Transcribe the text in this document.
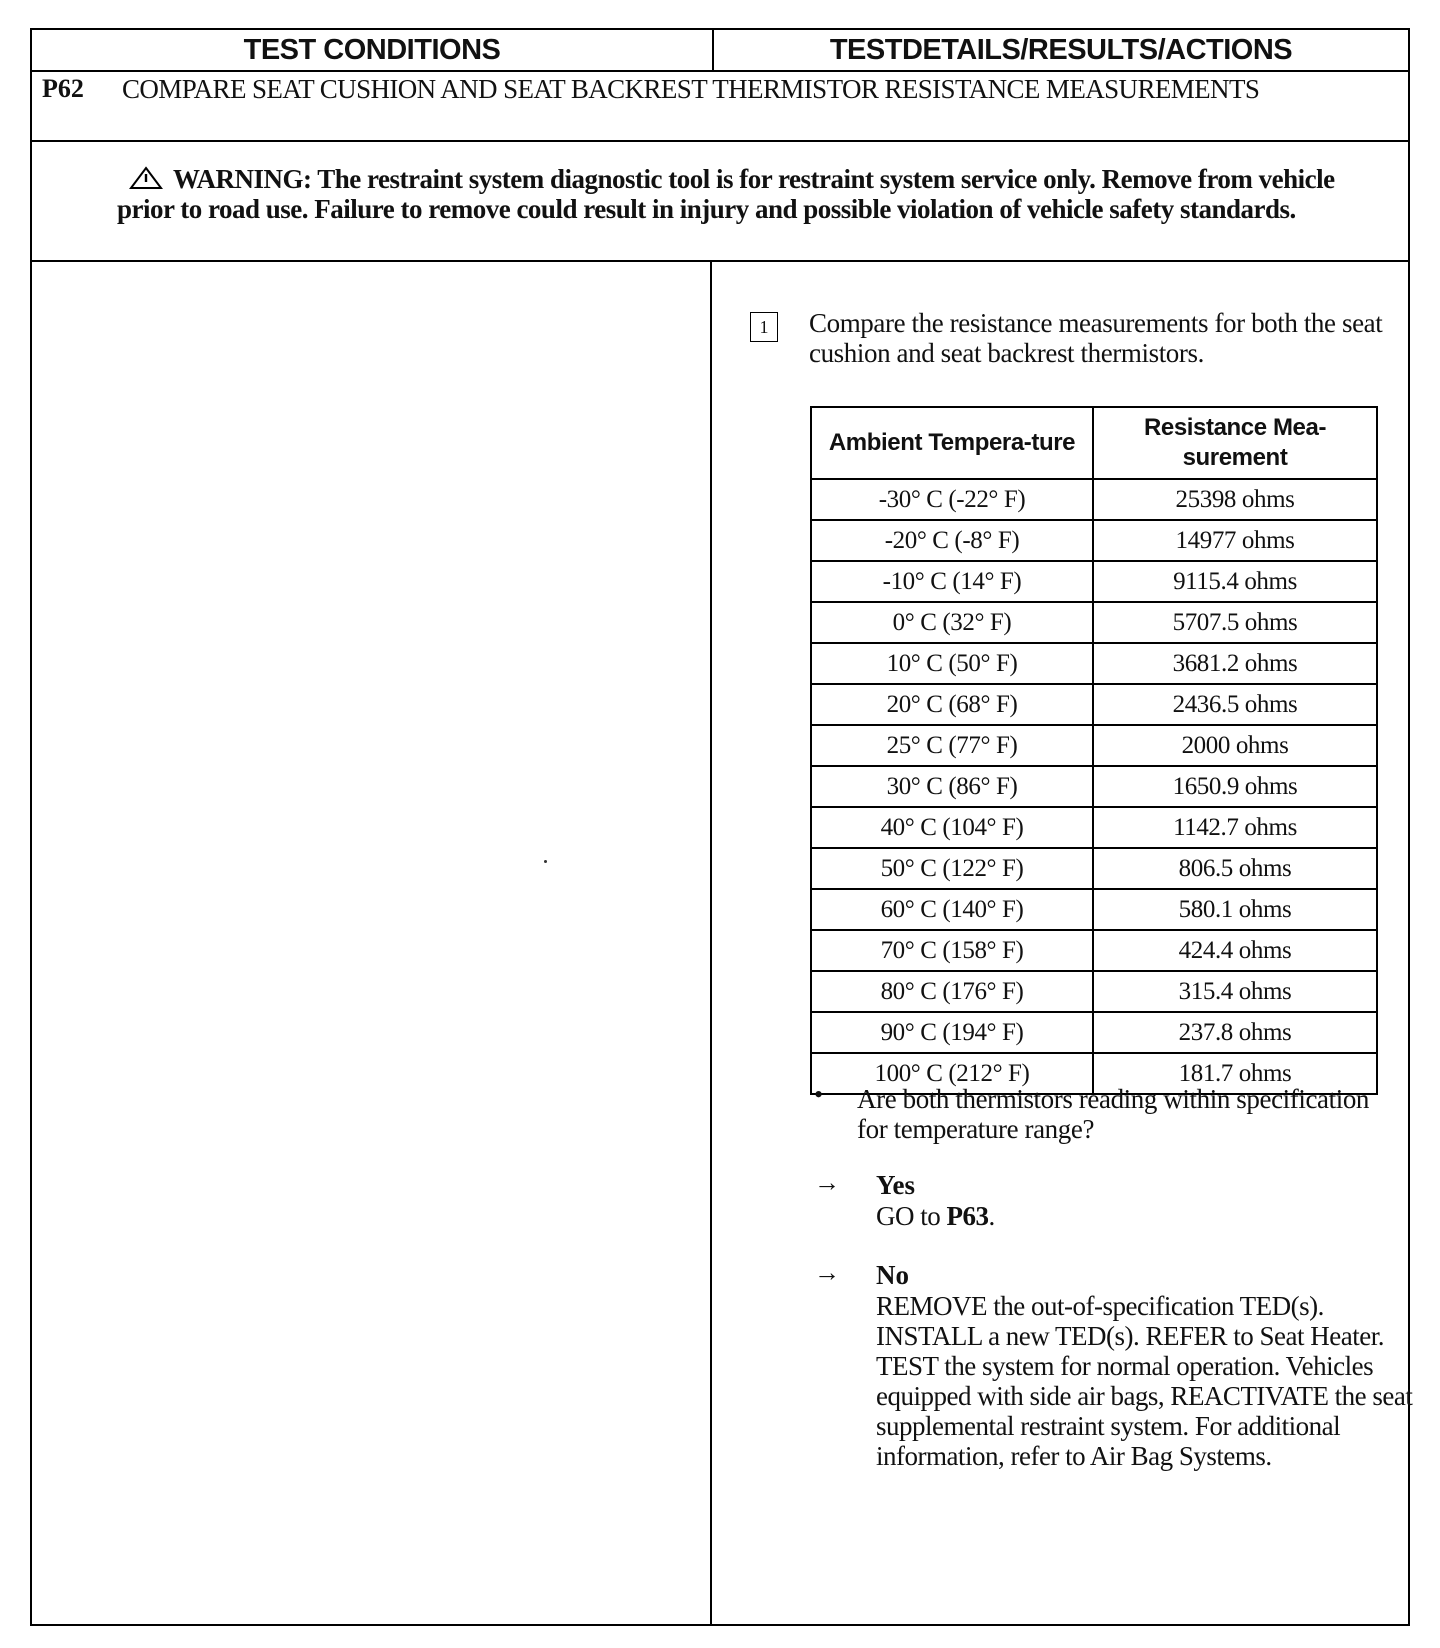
TEST CONDITIONS	TESTDETAILS/RESULTS/ACTIONS
P62 COMPARE SEAT CUSHION AND SEAT BACKREST THERMISTOR RESISTANCE MEASUREMENTS
WARNING: The restraint system diagnostic tool is for restraint system service only. Remove from vehicle prior to road use. Failure to remove could result in injury and possible violation of vehicle safety standards.
1	Compare the resistance measurements for both the seat cushion and seat backrest thermistors.
Ambient Tempera-ture	Resistance Mea-surement
-30° C (-22° F)	25398 ohms
-20° C (-8° F)	14977 ohms
-10° C (14° F)	9115.4 ohms
0° C (32° F)	5707.5 ohms
10° C (50° F)	3681.2 ohms
20° C (68° F)	2436.5 ohms
25° C (77° F)	2000 ohms
30° C (86° F)	1650.9 ohms
40° C (104° F)	1142.7 ohms
50° C (122° F)	806.5 ohms
60° C (140° F)	580.1 ohms
70° C (158° F)	424.4 ohms
80° C (176° F)	315.4 ohms
90° C (194° F)	237.8 ohms
100° C (212° F)	181.7 ohms
• Are both thermistors reading within specification for temperature range?
→ Yes
GO to P63.
→ No
REMOVE the out-of-specification TED(s). INSTALL a new TED(s). REFER to Seat Heater. TEST the system for normal operation. Vehicles equipped with side air bags, REACTIVATE the seat supplemental restraint system. For additional information, refer to Air Bag Systems.
